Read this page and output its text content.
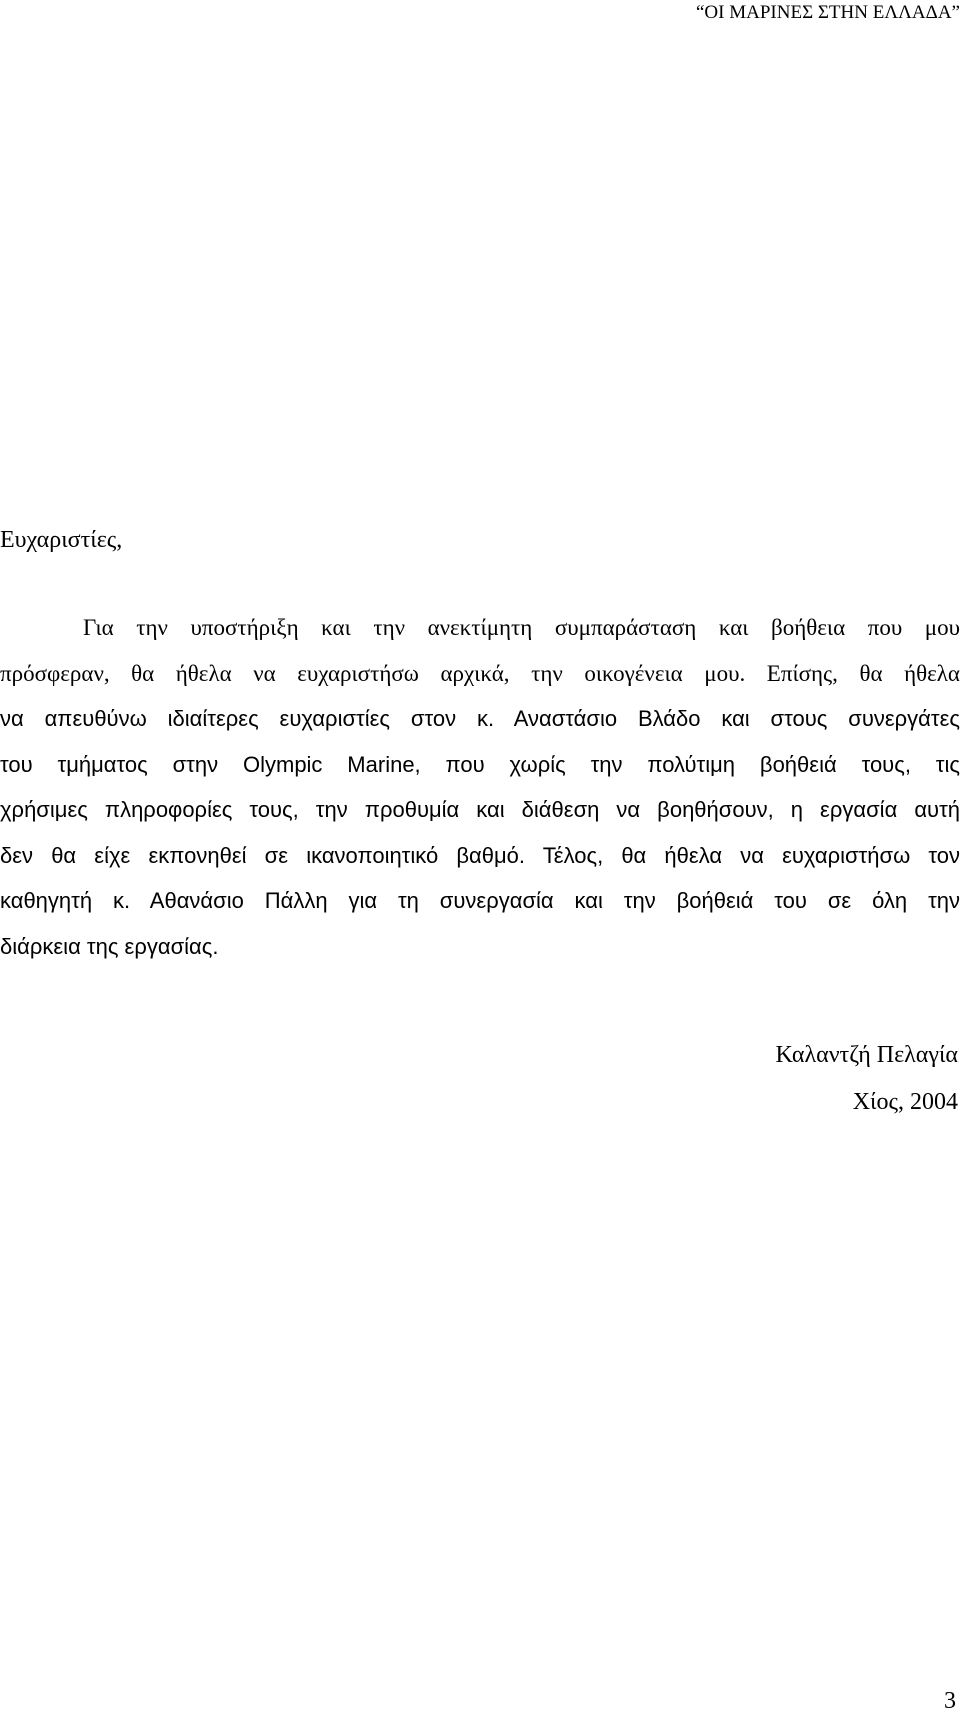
“ΟΙ ΜΑΡΙΝΕΣ ΣΤΗΝ ΕΛΛΑΔΑ”
Ευχαριστίες,
Για την υποστήριξη και την ανεκτίμητη συμπαράσταση και βοήθεια που μου
πρόσφεραν, θα ήθελα να ευχαριστήσω αρχικά, την οικογένεια μου. Επίσης, θα ήθελα
να απευθύνω ιδιαίτερες ευχαριστίες στον κ. Αναστάσιο Βλάδο και στους συνεργάτες
του τμήματος στην Olympic Marine, που χωρίς την πολύτιμη βοήθειά τους, τις
χρήσιμες πληροφορίες τους, την προθυμία και διάθεση να βοηθήσουν, η εργασία αυτή
δεν θα είχε εκπονηθεί σε ικανοποιητικό βαθμό. Τέλος, θα ήθελα να ευχαριστήσω τον
καθηγητή κ. Αθανάσιο Πάλλη για τη συνεργασία και την βοήθειά του σε όλη την
διάρκεια της εργασίας.
Καλαντζή Πελαγία
Χίος, 2004
3
